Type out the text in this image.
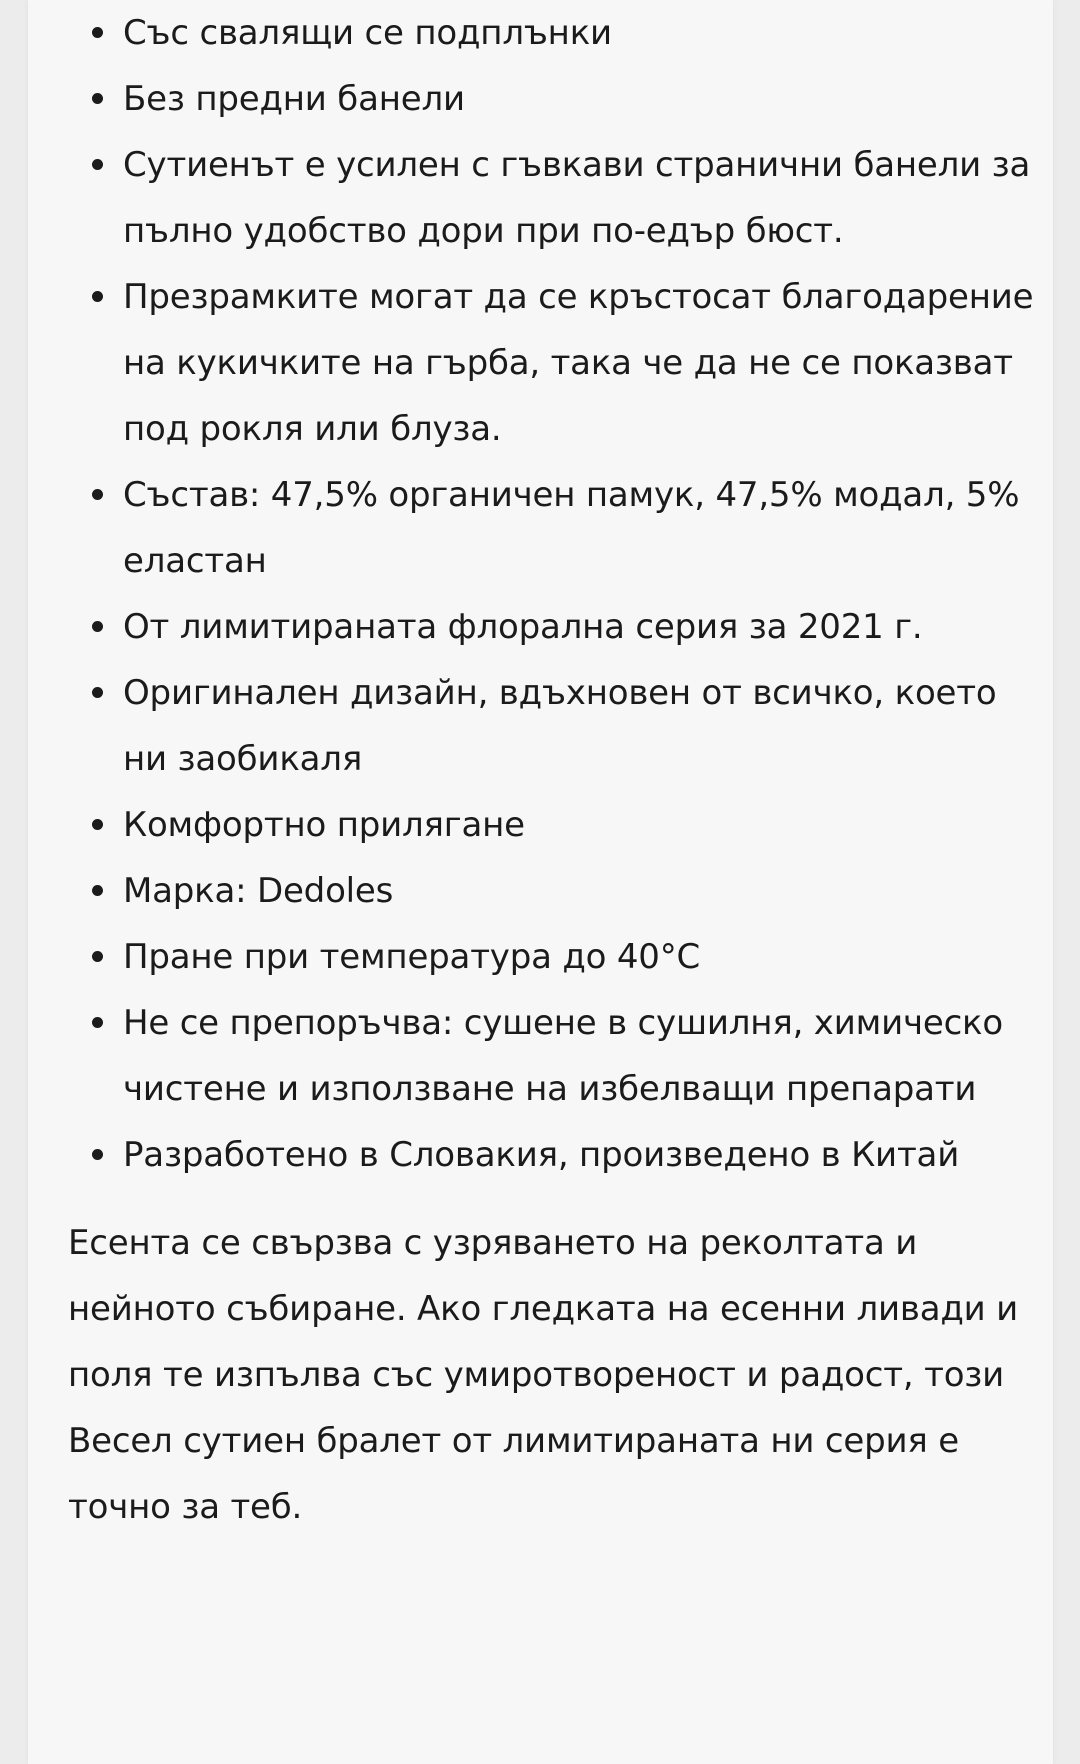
Със свалящи се подплънки
Без предни банели
Сутиенът е усилен с гъвкави странични банели за пълно удобство дори при по-едър бюст.
Презрамките могат да се кръстосат благодарение на кукичките на гърба, така че да не се показват под рокля или блуза.
Състав: 47,5% органичен памук, 47,5% модал, 5% еластан
От лимитираната флорална серия за 2021 г.
Оригинален дизайн, вдъхновен от всичко, което ни заобикаля
Комфортно прилягане
Марка: Dedoles
Пране при температура до 40°C
Не се препоръчва: сушене в сушилня, химическо чистене и използване на избелващи препарати
Разработено в Словакия, произведено в Китай

Есента се свързва с узряването на реколтата и нейното събиране. Ако гледката на есенни ливади и поля те изпълва със умиротвореност и радост, този Весел сутиен бралет от лимитираната ни серия е точно за теб.
